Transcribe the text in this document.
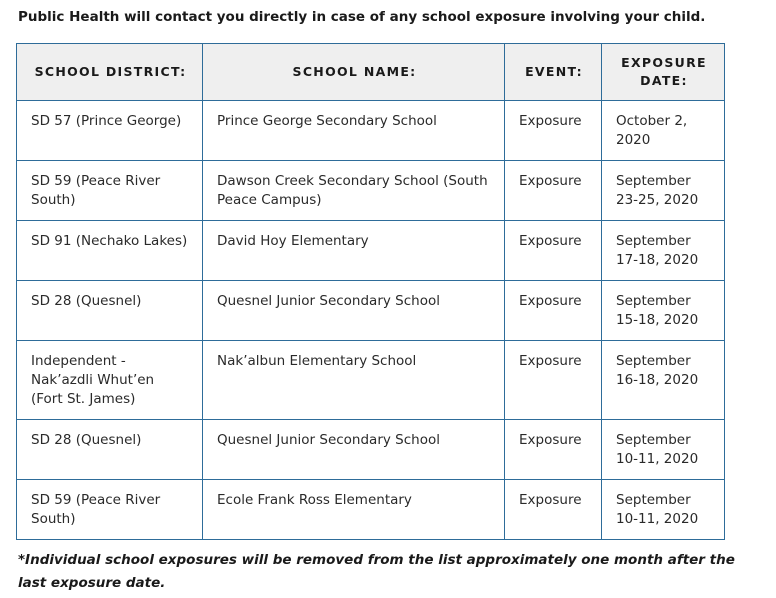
Public Health will contact you directly in case of any school exposure involving your child.

SCHOOL DISTRICT:	SCHOOL NAME:	EVENT:	EXPOSURE DATE:
SD 57 (Prince George)	Prince George Secondary School	Exposure	October 2, 2020
SD 59 (Peace River South)	Dawson Creek Secondary School (South Peace Campus)	Exposure	September 23-25, 2020
SD 91 (Nechako Lakes)	David Hoy Elementary	Exposure	September 17-18, 2020
SD 28 (Quesnel)	Quesnel Junior Secondary School	Exposure	September 15-18, 2020
Independent - Nak’azdli Whut’en (Fort St. James)	Nak’albun Elementary School	Exposure	September 16-18, 2020
SD 28 (Quesnel)	Quesnel Junior Secondary School	Exposure	September 10-11, 2020
SD 59 (Peace River South)	Ecole Frank Ross Elementary	Exposure	September 10-11, 2020

*Individual school exposures will be removed from the list approximately one month after the last exposure date.
